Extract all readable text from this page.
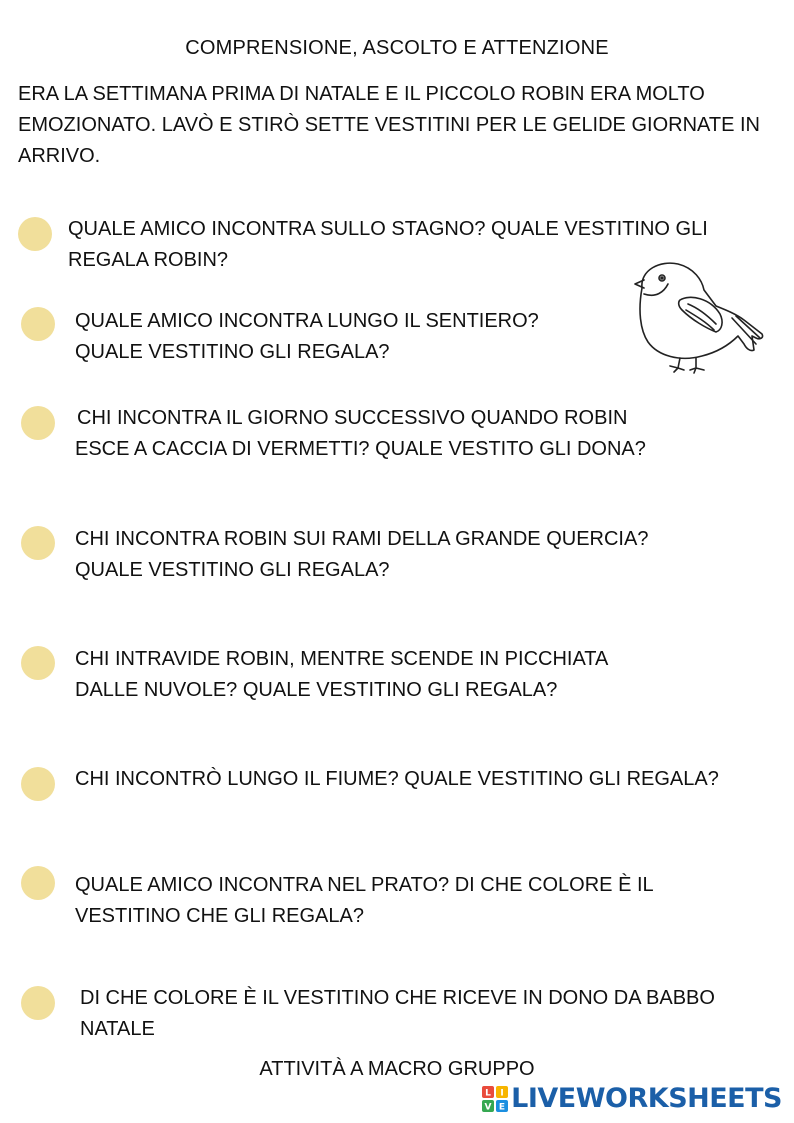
COMPRENSIONE, ASCOLTO E ATTENZIONE
ERA LA SETTIMANA PRIMA DI NATALE E IL PICCOLO ROBIN ERA MOLTO EMOZIONATO. LAVÒ E STIRÒ SETTE VESTITINI PER LE GELIDE GIORNATE IN ARRIVO.
QUALE AMICO INCONTRA SULLO STAGNO? QUALE VESTITINO GLI REGALA ROBIN?
QUALE AMICO INCONTRA LUNGO IL SENTIERO? QUALE VESTITINO GLI REGALA?
CHI INCONTRA IL GIORNO SUCCESSIVO QUANDO ROBIN ESCE A CACCIA DI VERMETTI? QUALE VESTITO GLI DONA?
CHI INCONTRA ROBIN SUI RAMI DELLA GRANDE QUERCIA? QUALE VESTITINO GLI REGALA?
CHI INTRAVIDE ROBIN, MENTRE SCENDE IN PICCHIATA DALLE NUVOLE? QUALE VESTITINO GLI REGALA?
CHI INCONTRÒ LUNGO IL FIUME? QUALE VESTITINO GLI REGALA?
QUALE AMICO INCONTRA NEL PRATO? DI CHE COLORE È IL VESTITINO CHE GLI REGALA?
DI CHE COLORE È IL VESTITINO CHE RICEVE IN DONO DA BABBO NATALE
ATTIVITÀ A MACRO GRUPPO
L I
V E LIVEWORKSHEETS
